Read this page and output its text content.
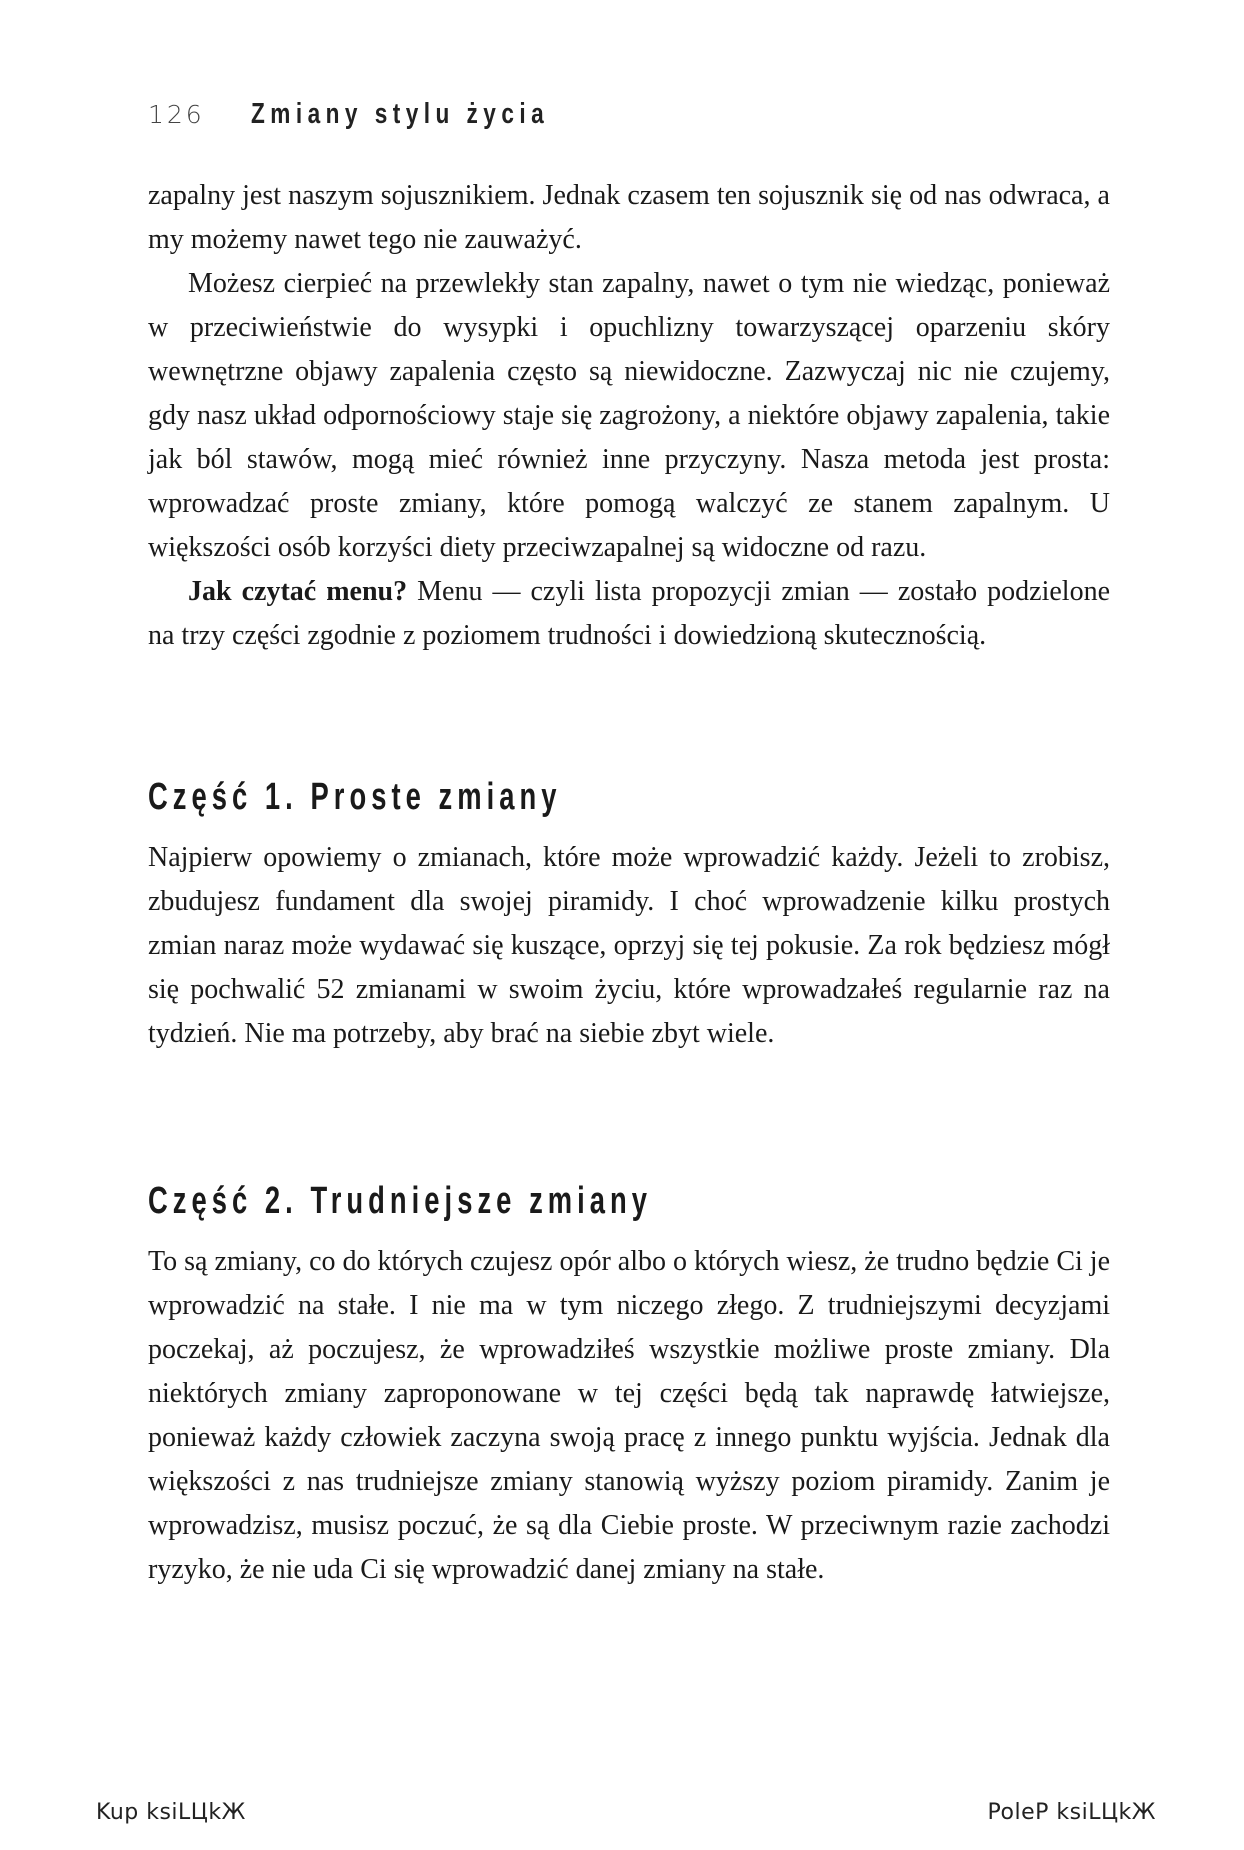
126 Zmiany stylu życia

zapalny jest naszym sojusznikiem. Jednak czasem ten sojusznik się od nas odwraca, a my możemy nawet tego nie zauważyć.

Możesz cierpieć na przewlekły stan zapalny, nawet o tym nie wiedząc, ponieważ w przeciwieństwie do wysypki i opuchlizny towarzyszącej oparzeniu skóry wewnętrzne objawy zapalenia często są niewidoczne. Zazwyczaj nic nie czujemy, gdy nasz układ odpornościowy staje się zagrożony, a niektóre objawy zapalenia, takie jak ból stawów, mogą mieć również inne przyczyny. Nasza metoda jest prosta: wprowadzać proste zmiany, które pomogą walczyć ze stanem zapalnym. U większości osób korzyści diety przeciwzapalnej są widoczne od razu.

Jak czytać menu? Menu — czyli lista propozycji zmian — zostało podzielone na trzy części zgodnie z poziomem trudności i dowiedzioną skutecznością.

Część 1. Proste zmiany

Najpierw opowiemy o zmianach, które może wprowadzić każdy. Jeżeli to zrobisz, zbudujesz fundament dla swojej piramidy. I choć wprowadzenie kilku prostych zmian naraz może wydawać się kuszące, oprzyj się tej pokusie. Za rok będziesz mógł się pochwalić 52 zmianami w swoim życiu, które wprowadzałeś regularnie raz na tydzień. Nie ma potrzeby, aby brać na siebie zbyt wiele.

Część 2. Trudniejsze zmiany

To są zmiany, co do których czujesz opór albo o których wiesz, że trudno będzie Ci je wprowadzić na stałe. I nie ma w tym niczego złego. Z trudniejszymi decyzjami poczekaj, aż poczujesz, że wprowadziłeś wszystkie możliwe proste zmiany. Dla niektórych zmiany zaproponowane w tej części będą tak naprawdę łatwiejsze, ponieważ każdy człowiek zaczyna swoją pracę z innego punktu wyjścia. Jednak dla większości z nas trudniejsze zmiany stanowią wyższy poziom piramidy. Zanim je wprowadzisz, musisz poczuć, że są dla Ciebie proste. W przeciwnym razie zachodzi ryzyko, że nie uda Ci się wprowadzić danej zmiany na stałe.

Kup ksiLЦkЖ	PoleР ksiLЦkЖ
